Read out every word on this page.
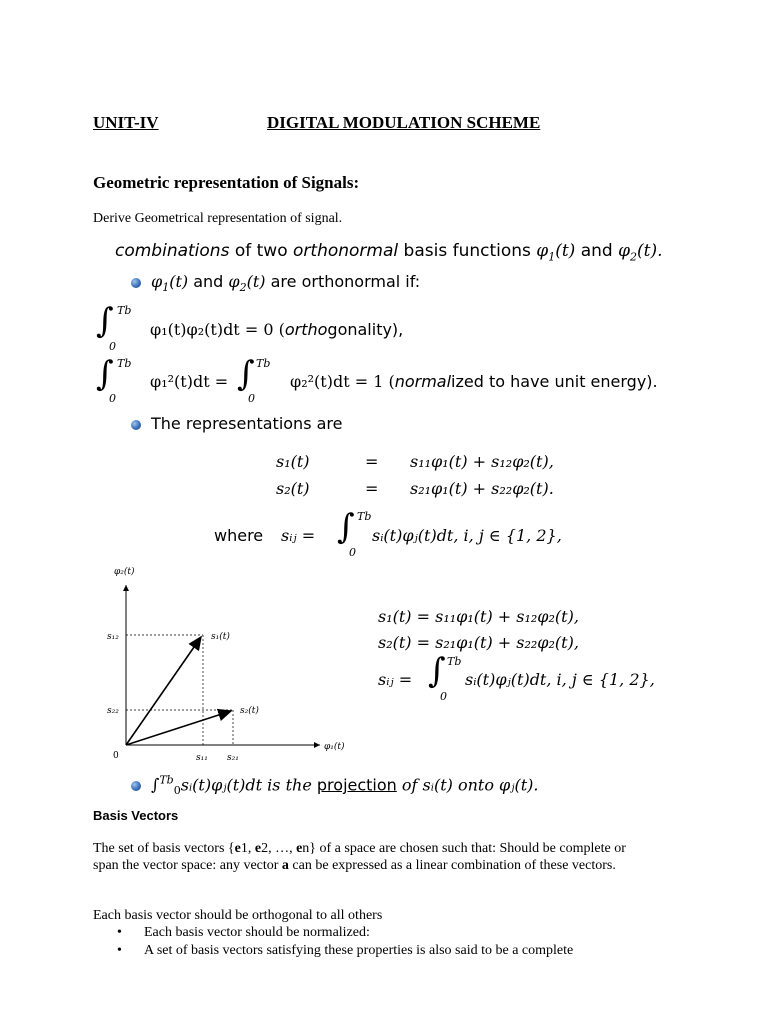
UNIT-IV	DIGITAL MODULATION SCHEME
Geometric representation of Signals:
Derive Geometrical representation of signal.
combinations of two orthonormal basis functions $\varphi_1(t)$ and $\varphi_2(t)$.
$\varphi_1(t)$ and $\varphi_2(t)$ are orthonormal if:
∫ Tb
0
φ₁(t)φ₂(t)dt = 0 (orthogonality),
∫ Tb
0
φ₁²(t)dt = ∫ Tb
0
φ₂²(t)dt = 1 (normalized to have unit energy).
The representations are
s₁(t)	= s₁₁φ₁(t) + s₁₂φ₂(t),
s₂(t)	= s₂₁φ₁(t) + s₂₂φ₂(t).
where sᵢⱼ = ∫ Tb
0
sᵢ(t)φⱼ(t)dt, i, j ∈ {1, 2},
φ₂(t)
φ₁(t)
s₁₂
s₂₂
s₁₁ s₂₁
0
s₁(t)
s₂(t)
s₁(t) = s₁₁φ₁(t) + s₁₂φ₂(t),
s₂(t) = s₂₁φ₁(t) + s₂₂φ₂(t),
sᵢⱼ = ∫ Tb
0
sᵢ(t)φⱼ(t)dt, i, j ∈ {1, 2},
∫$^{Tb}_0$sᵢ(t)φⱼ(t)dt is the projection of sᵢ(t) onto φⱼ(t).
Basis Vectors
The set of basis vectors {e1, e2, …, en} of a space are chosen such that: Should be complete or span the vector space: any vector a can be expressed as a linear combination of these vectors.
Each basis vector should be orthogonal to all others
• Each basis vector should be normalized:
• A set of basis vectors satisfying these properties is also said to be a complete
